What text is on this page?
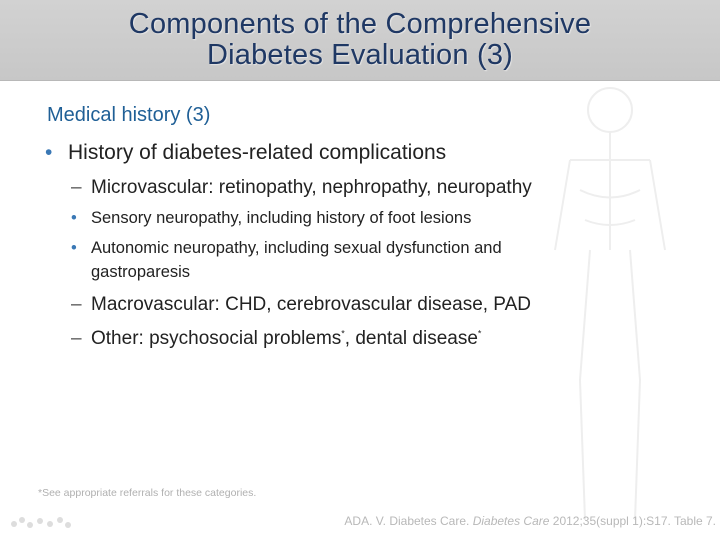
Components of the Comprehensive
Diabetes Evaluation (3)
Medical history (3)
• History of diabetes-related complications
– Microvascular: retinopathy, nephropathy, neuropathy
• Sensory neuropathy, including history of foot lesions
• Autonomic neuropathy, including sexual dysfunction and
gastroparesis
– Macrovascular: CHD, cerebrovascular disease, PAD
– Other: psychosocial problems*, dental disease*
*See appropriate referrals for these categories.
ADA. V. Diabetes Care. Diabetes Care 2012;35(suppl 1):S17. Table 7.
